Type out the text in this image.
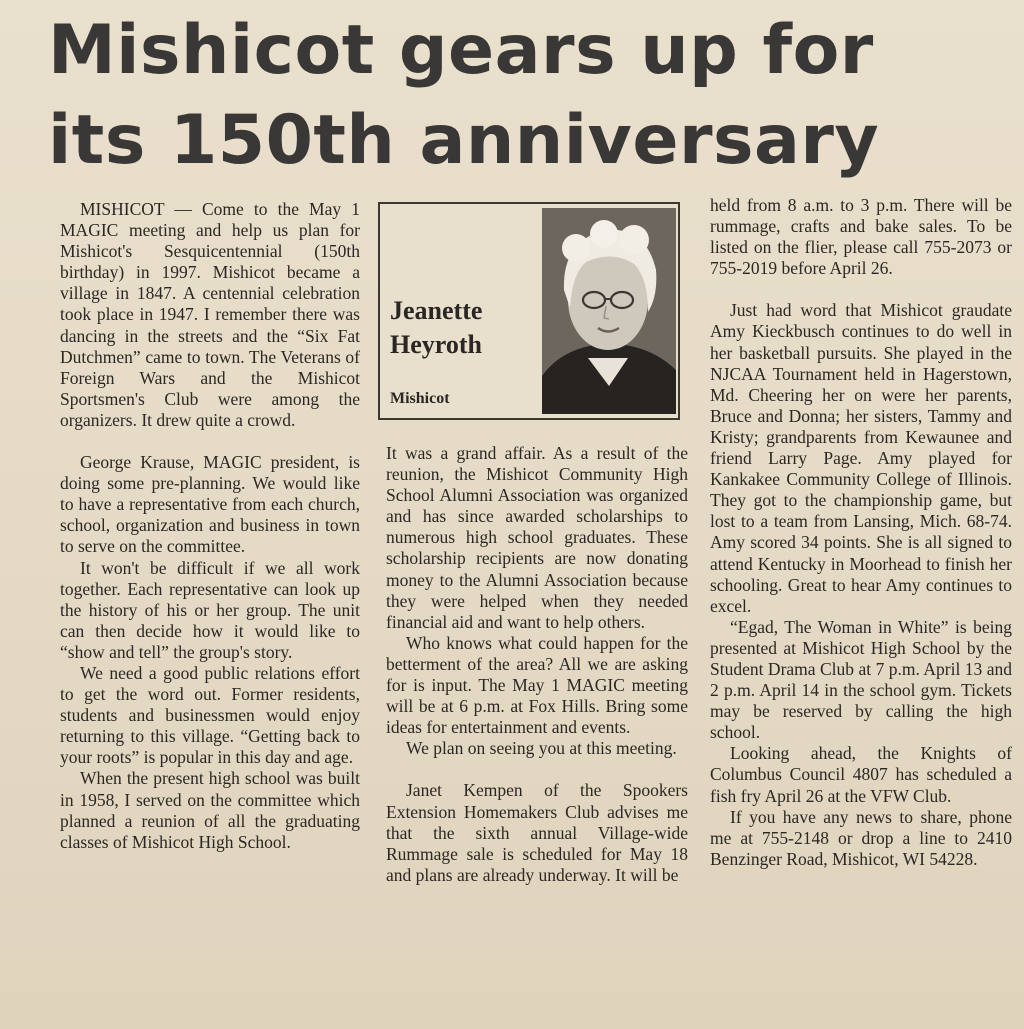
Mishicot gears up for
its 150th anniversary

MISHICOT — Come to the May 1 MAGIC meeting and help us plan for Mishicot's Sesquicentennial (150th birthday) in 1997. Mishicot became a village in 1847. A centennial celebration took place in 1947. I remember there was dancing in the streets and the “Six Fat Dutchmen” came to town. The Veterans of Foreign Wars and the Mishicot Sportsmen's Club were among the organizers. It drew quite a crowd.

George Krause, MAGIC president, is doing some pre-planning. We would like to have a representative from each church, school, organization and business in town to serve on the committee.

It won't be difficult if we all work together. Each representative can look up the history of his or her group. The unit can then decide how it would like to “show and tell” the group's story.

We need a good public relations effort to get the word out. Former residents, students and businessmen would enjoy returning to this village. “Getting back to your roots” is popular in this day and age.

When the present high school was built in 1958, I served on the committee which planned a reunion of all the graduating classes of Mishicot High School.

Jeanette
Heyroth
Mishicot

It was a grand affair. As a result of the reunion, the Mishicot Community High School Alumni Association was organized and has since awarded scholarships to numerous high school graduates. These scholarship recipients are now donating money to the Alumni Association because they were helped when they needed financial aid and want to help others.

Who knows what could happen for the betterment of the area? All we are asking for is input. The May 1 MAGIC meeting will be at 6 p.m. at Fox Hills. Bring some ideas for entertainment and events.

We plan on seeing you at this meeting.

Janet Kempen of the Spookers Extension Homemakers Club advises me that the sixth annual Village-wide Rummage sale is scheduled for May 18 and plans are already underway. It will be

held from 8 a.m. to 3 p.m. There will be rummage, crafts and bake sales. To be listed on the flier, please call 755-2073 or 755-2019 before April 26.

Just had word that Mishicot graudate Amy Kieckbusch continues to do well in her basketball pursuits. She played in the NJCAA Tournament held in Hagerstown, Md. Cheering her on were her parents, Bruce and Donna; her sisters, Tammy and Kristy; grandparents from Kewaunee and friend Larry Page. Amy played for Kankakee Community College of Illinois. They got to the championship game, but lost to a team from Lansing, Mich. 68-74. Amy scored 34 points. She is all signed to attend Kentucky in Moorhead to finish her schooling. Great to hear Amy continues to excel.

“Egad, The Woman in White” is being presented at Mishicot High School by the Student Drama Club at 7 p.m. April 13 and 2 p.m. April 14 in the school gym. Tickets may be reserved by calling the high school.

Looking ahead, the Knights of Columbus Council 4807 has scheduled a fish fry April 26 at the VFW Club.

If you have any news to share, phone me at 755-2148 or drop a line to 2410 Benzinger Road, Mishicot, WI 54228.
